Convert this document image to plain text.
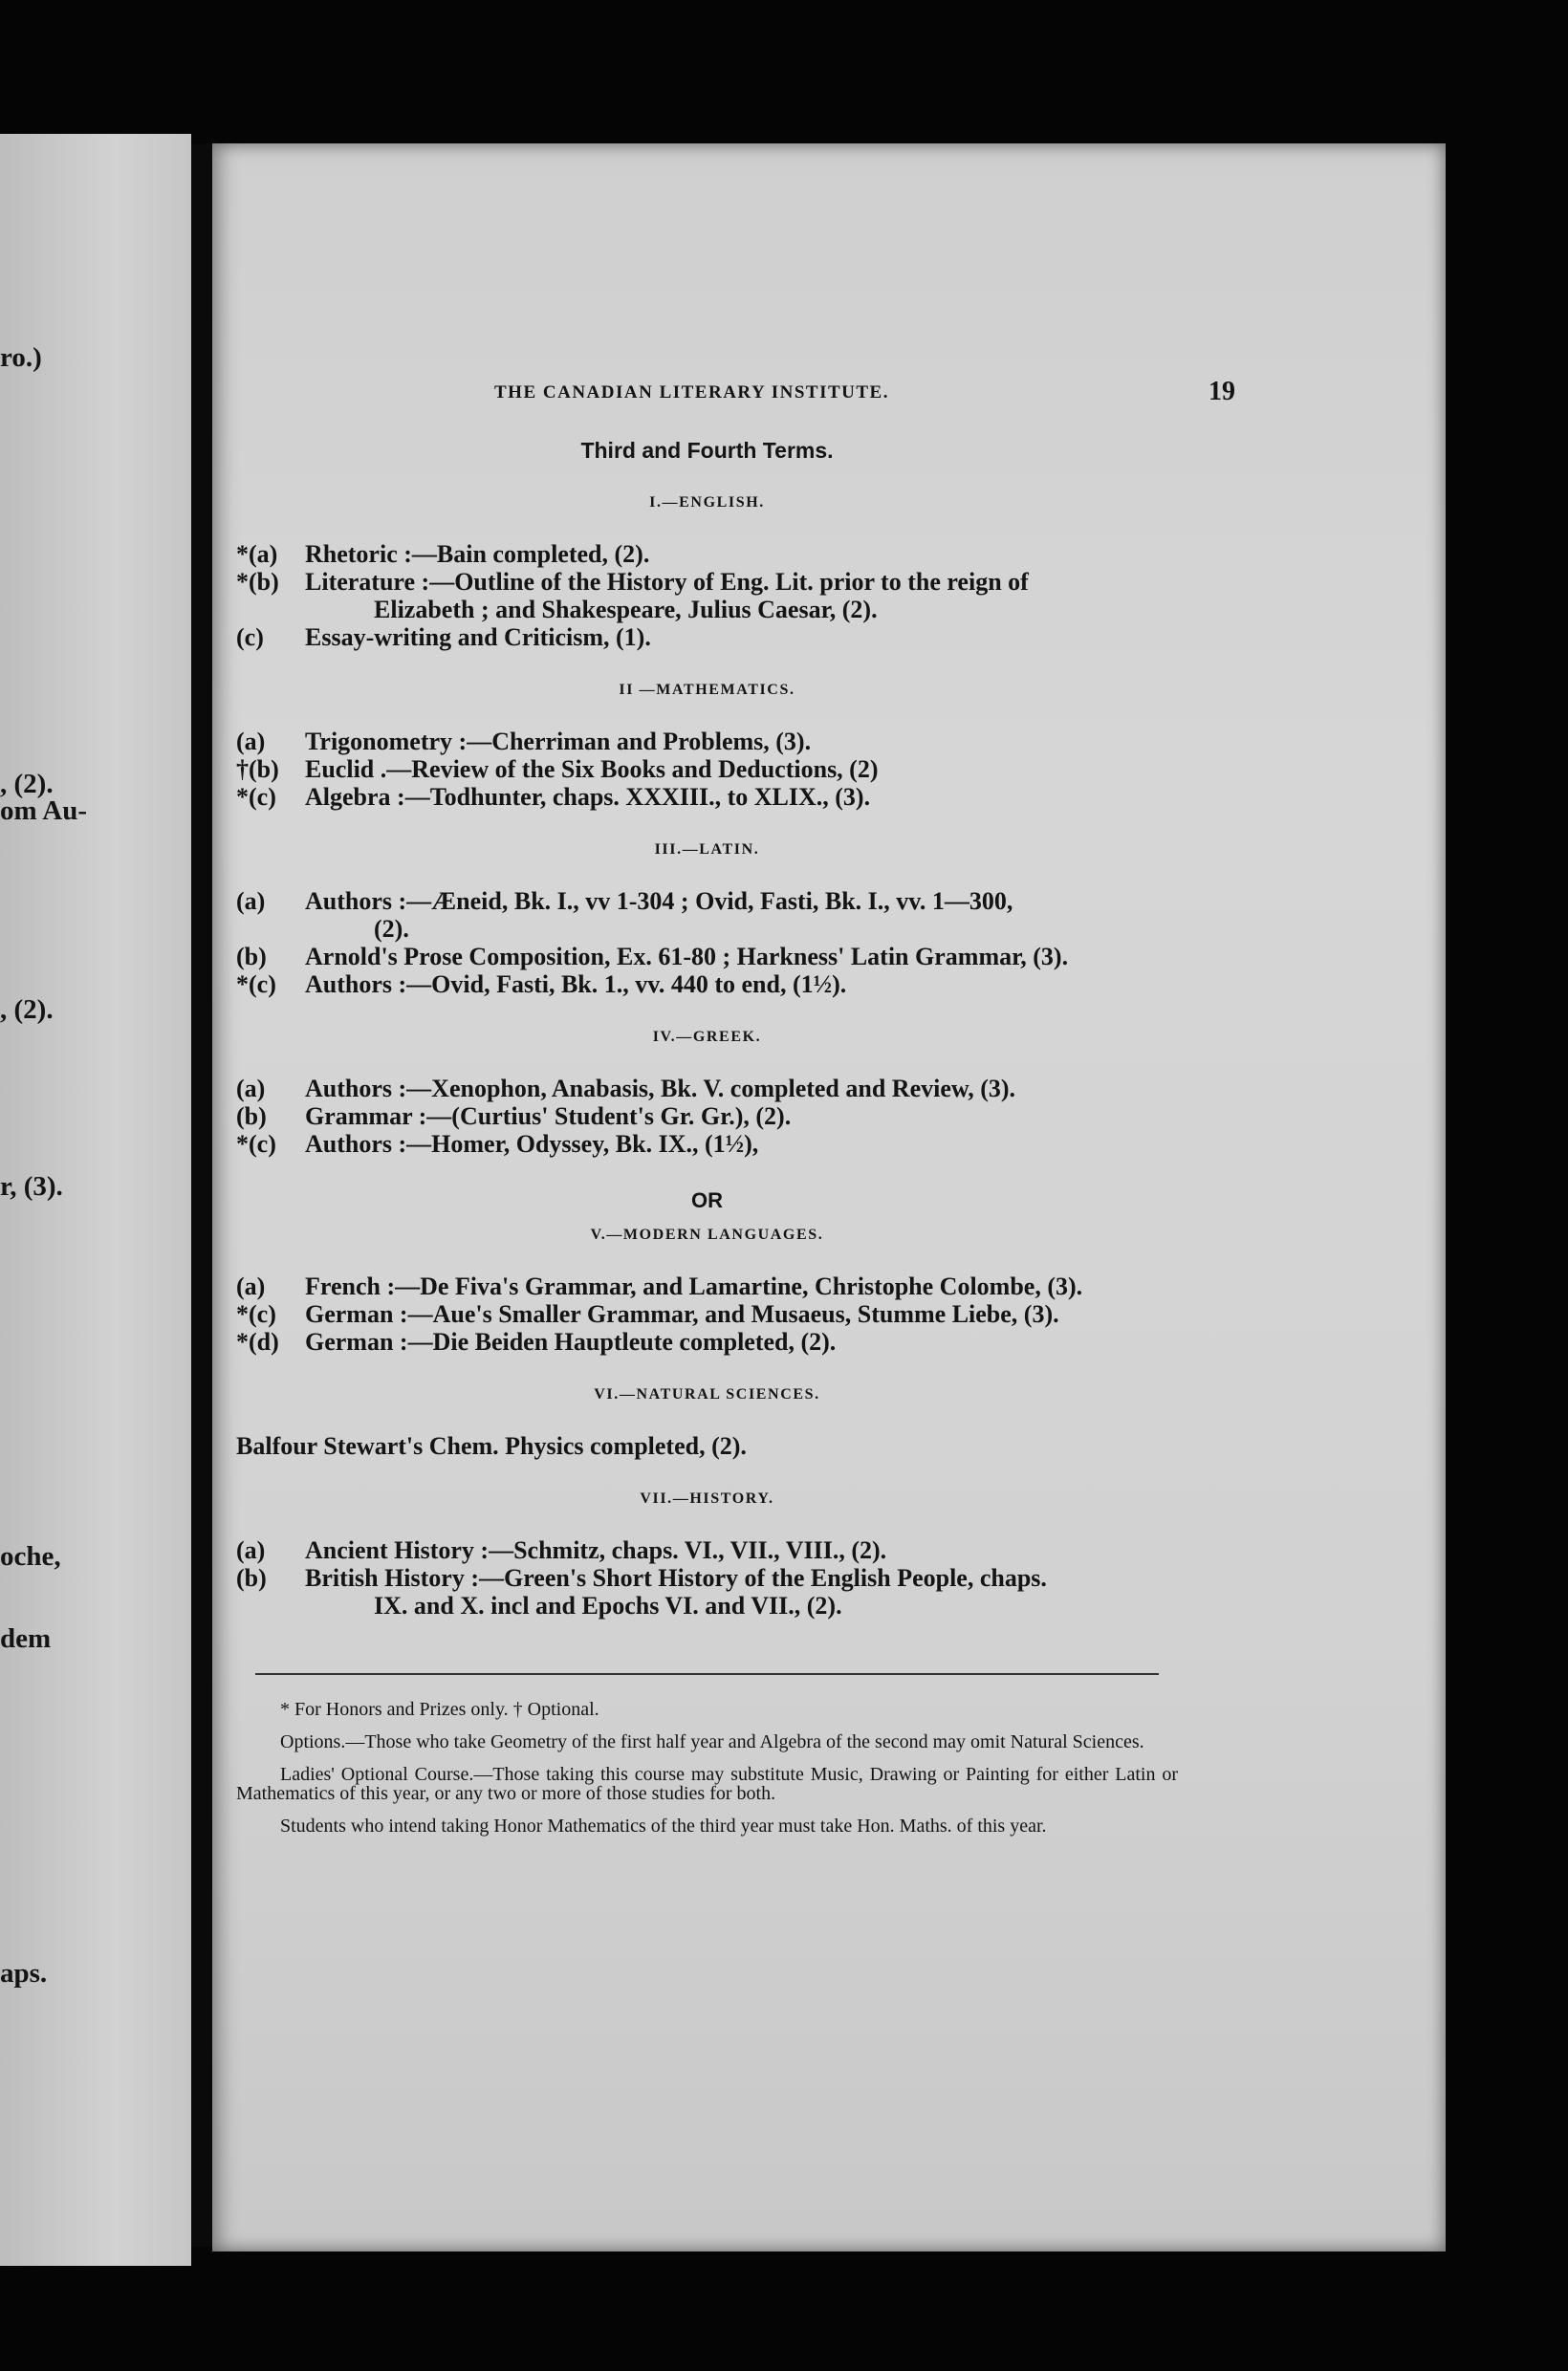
ro.)
, (2).
om Au-
, (2).
r, (3).
oche,
dem
aps.
THE CANADIAN LITERARY INSTITUTE.	19
Third and Fourth Terms.
I.—ENGLISH.
*(a)	Rhetoric :—Bain completed, (2).
*(b)	Literature :—Outline of the History of Eng. Lit. prior to the reign of
Elizabeth ; and Shakespeare, Julius Caesar, (2).
(c)	Essay-writing and Criticism, (1).
II —MATHEMATICS.
(a)	Trigonometry :—Cherriman and Problems, (3).
†(b)	Euclid .—Review of the Six Books and Deductions, (2)
*(c)	Algebra :—Todhunter, chaps. XXXIII., to XLIX., (3).
III.—LATIN.
(a)	Authors :—Æneid, Bk. I., vv 1-304 ; Ovid, Fasti, Bk. I., vv. 1—300,
(2).
(b)	Arnold's Prose Composition, Ex. 61-80 ; Harkness' Latin Grammar, (3).
*(c)	Authors :—Ovid, Fasti, Bk. 1., vv. 440 to end, (1½).
IV.—GREEK.
(a)	Authors :—Xenophon, Anabasis, Bk. V. completed and Review, (3).
(b)	Grammar :—(Curtius' Student's Gr. Gr.), (2).
*(c)	Authors :—Homer, Odyssey, Bk. IX., (1½),
OR
V.—MODERN LANGUAGES.
(a)	French :—De Fiva's Grammar, and Lamartine, Christophe Colombe, (3).
*(c)	German :—Aue's Smaller Grammar, and Musaeus, Stumme Liebe, (3).
*(d)	German :—Die Beiden Hauptleute completed, (2).
VI.—NATURAL SCIENCES.
Balfour Stewart's Chem. Physics completed, (2).
VII.—HISTORY.
(a)	Ancient History :—Schmitz, chaps. VI., VII., VIII., (2).
(b)	British History :—Green's Short History of the English People, chaps.
IX. and X. incl and Epochs VI. and VII., (2).

* For Honors and Prizes only. † Optional.

Options.—Those who take Geometry of the first half year and Algebra of the second may omit Natural Sciences.

Ladies' Optional Course.—Those taking this course may substitute Music, Drawing or Painting for either Latin or Mathematics of this year, or any two or more of those studies for both.

Students who intend taking Honor Mathematics of the third year must take Hon. Maths. of this year.
